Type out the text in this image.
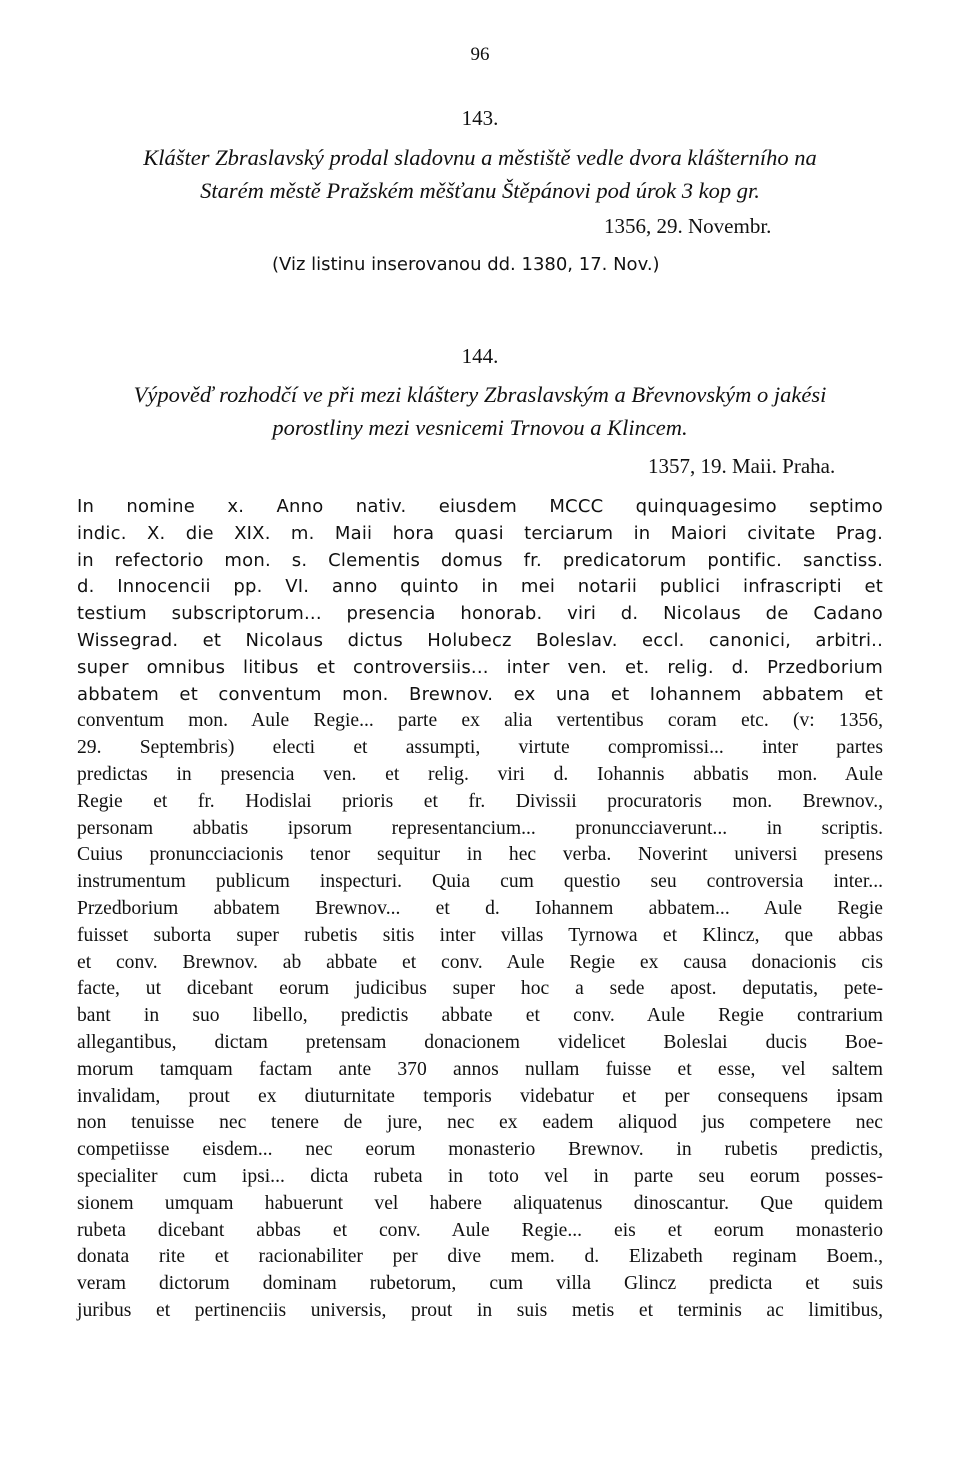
96
143.
Klášter Zbraslavský prodal sladovnu a městiště vedle dvora klášterního na
Starém městě Pražském měšťanu Štěpánovi pod úrok 3 kop gr.
1356, 29. Novembr.
(Viz listinu inserovanou dd. 1380, 17. Nov.)
144.
Výpověď rozhodčí ve při mezi kláštery Zbraslavským a Břevnovským o jakési
porostliny mezi vesnicemi Trnovou a Klincem.
1357, 19. Maii. Praha.
In nomine x. Anno nativ. eiusdem MCCC quinquagesimo septimo
indic. X. die XIX. m. Maii hora quasi terciarum in Maiori civitate Prag.
in refectorio mon. s. Clementis domus fr. predicatorum pontific. sanctiss.
d. Innocencii pp. VI. anno quinto in mei notarii publici infrascripti et
testium subscriptorum... presencia honorab. viri d. Nicolaus de Cadano
Wissegrad. et Nicolaus dictus Holubecz Boleslav. eccl. canonici, arbitri..
super omnibus litibus et controversiis... inter ven. et. relig. d. Przedborium
abbatem et conventum mon. Brewnov. ex una et Iohannem abbatem et
conventum mon. Aule Regie... parte ex alia vertentibus coram etc. (v: 1356,
29. Septembris) electi et assumpti, virtute compromissi... inter partes
predictas in presencia ven. et relig. viri d. Iohannis abbatis mon. Aule
Regie et fr. Hodislai prioris et fr. Divissii procuratoris mon. Brewnov.,
personam abbatis ipsorum representancium... pronuncciaverunt... in scriptis.
Cuius pronuncciacionis tenor sequitur in hec verba. Noverint universi presens
instrumentum publicum inspecturi. Quia cum questio seu controversia inter...
Przedborium abbatem Brewnov... et d. Iohannem abbatem... Aule Regie
fuisset suborta super rubetis sitis inter villas Tyrnowa et Klincz, que abbas
et conv. Brewnov. ab abbate et conv. Aule Regie ex causa donacionis cis
facte, ut dicebant eorum judicibus super hoc a sede apost. deputatis, pete-
bant in suo libello, predictis abbate et conv. Aule Regie contrarium
allegantibus, dictam pretensam donacionem videlicet Boleslai ducis Boe-
morum tamquam factam ante 370 annos nullam fuisse et esse, vel saltem
invalidam, prout ex diuturnitate temporis videbatur et per consequens ipsam
non tenuisse nec tenere de jure, nec ex eadem aliquod jus competere nec
competiisse eisdem... nec eorum monasterio Brewnov. in rubetis predictis,
specialiter cum ipsi... dicta rubeta in toto vel in parte seu eorum posses-
sionem umquam habuerunt vel habere aliquatenus dinoscantur. Que quidem
rubeta dicebant abbas et conv. Aule Regie... eis et eorum monasterio
donata rite et racionabiliter per dive mem. d. Elizabeth reginam Boem.,
veram dictorum dominam rubetorum, cum villa Glincz predicta et suis
juribus et pertinenciis universis, prout in suis metis et terminis ac limitibus,
